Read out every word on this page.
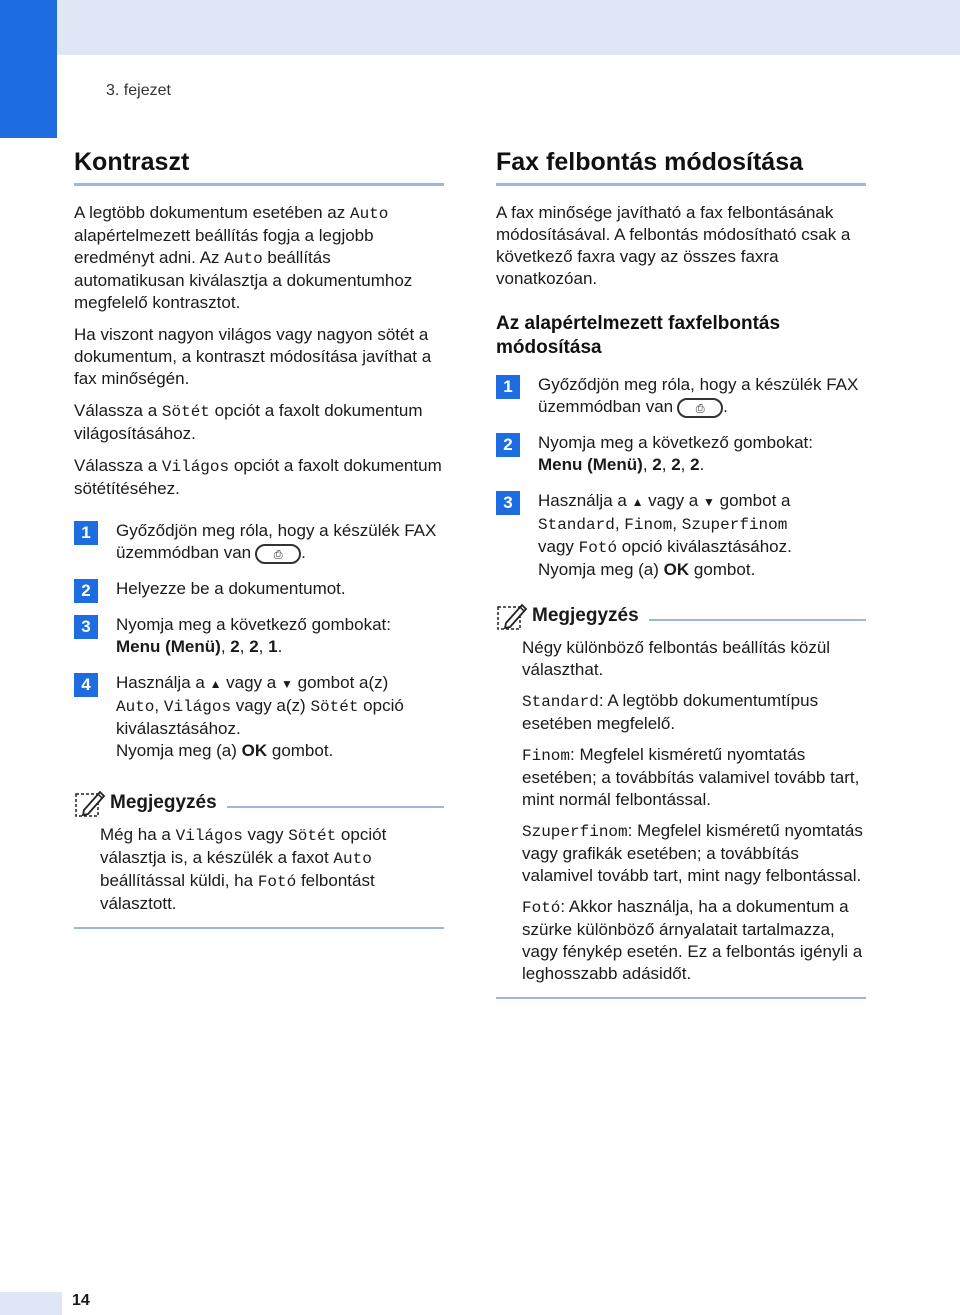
3. fejezet
Kontraszt

A legtöbb dokumentum esetében az Auto alapértelmezett beállítás fogja a legjobb eredményt adni. Az Auto beállítás automatikusan kiválasztja a dokumentumhoz megfelelő kontrasztot.

Ha viszont nagyon világos vagy nagyon sötét a dokumentum, a kontraszt módosítása javíthat a fax minőségén.

Válassza a Sötét opciót a faxolt dokumentum világosításához.

Válassza a Világos opciót a faxolt dokumentum sötétítéséhez.

1	Győződjön meg róla, hogy a készülék FAX üzemmódban van ⎙ .
2	Helyezze be a dokumentumot.
3	Nyomja meg a következő gombokat:
Menu (Menü), 2, 2, 1.
4	Használja a ▲ vagy a ▼ gombot a(z)
Auto, Világos vagy a(z) Sötét opció kiválasztásához.
Nyomja meg (a) OK gombot.
Megjegyzés

Még ha a Világos vagy Sötét opciót választja is, a készülék a faxot Auto beállítással küldi, ha Fotó felbontást választott.

Fax felbontás módosítása

A fax minősége javítható a fax felbontásának módosításával. A felbontás módosítható csak a következő faxra vagy az összes faxra vonatkozóan.

Az alapértelmezett faxfelbontás módosítása
1	Győződjön meg róla, hogy a készülék FAX üzemmódban van ⎙ .
2	Nyomja meg a következő gombokat:
Menu (Menü), 2, 2, 2.
3	Használja a ▲ vagy a ▼ gombot a
Standard, Finom, Szuperfinom
vagy Fotó opció kiválasztásához.
Nyomja meg (a) OK gombot.
Megjegyzés

Négy különböző felbontás beállítás közül választhat.

Standard: A legtöbb dokumentumtípus esetében megfelelő.

Finom: Megfelel kisméretű nyomtatás esetében; a továbbítás valamivel tovább tart, mint normál felbontással.

Szuperfinom: Megfelel kisméretű nyomtatás vagy grafikák esetében; a továbbítás valamivel tovább tart, mint nagy felbontással.

Fotó: Akkor használja, ha a dokumentum a szürke különböző árnyalatait tartalmazza, vagy fénykép esetén. Ez a felbontás igényli a leghosszabb adásidőt.

14
